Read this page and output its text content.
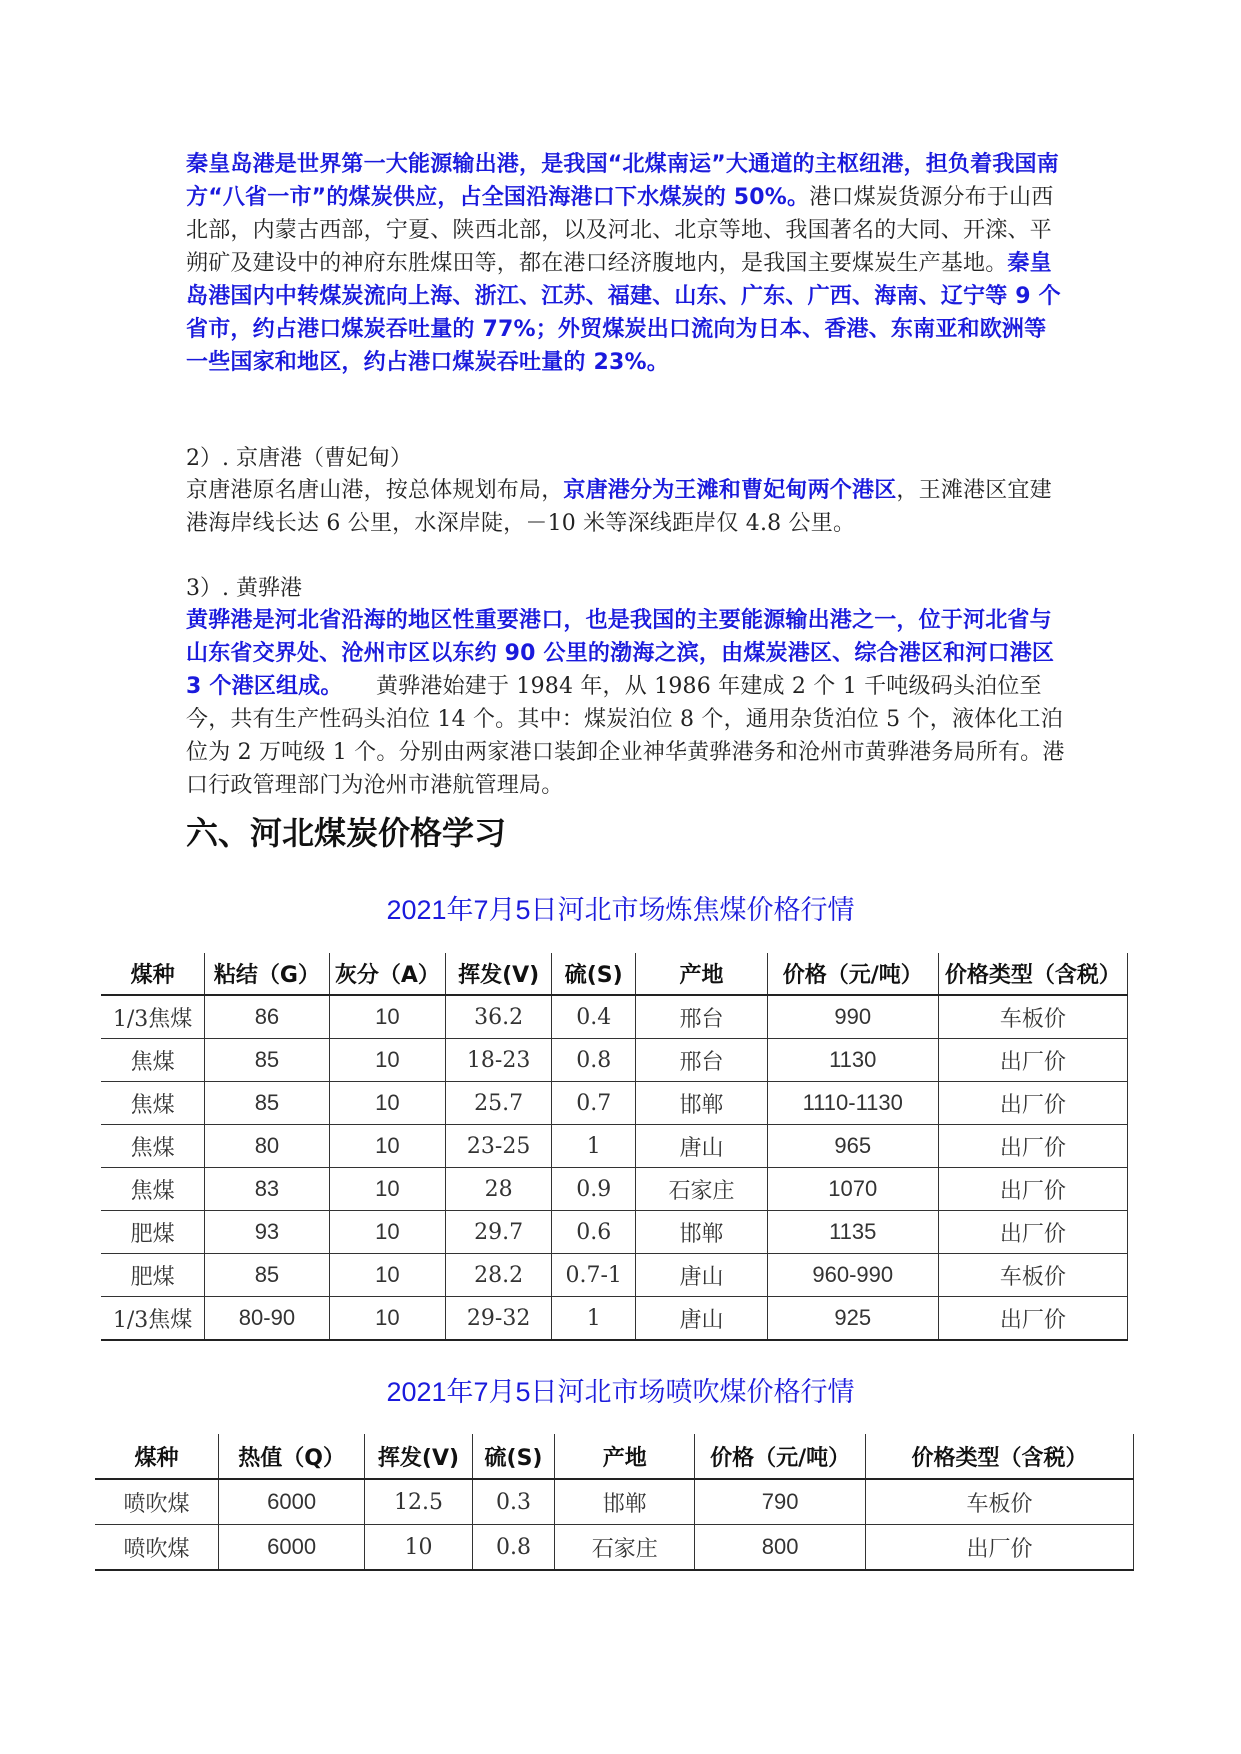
秦皇岛港是世界第一大能源输出港，是我国“北煤南运”大通道的主枢纽港，担负着我国南方“八省一市”的煤炭供应，占全国沿海港口下水煤炭的 50%。港口煤炭货源分布于山西北部，内蒙古西部，宁夏、陕西北部，以及河北、北京等地、我国著名的大同、开滦、平朔矿及建设中的神府东胜煤田等，都在港口经济腹地内，是我国主要煤炭生产基地。秦皇岛港国内中转煤炭流向上海、浙江、江苏、福建、山东、广东、广西、海南、辽宁等 9 个省市，约占港口煤炭吞吐量的 77%；外贸煤炭出口流向为日本、香港、东南亚和欧洲等一些国家和地区，约占港口煤炭吞吐量的 23%。

2）. 京唐港（曹妃甸）

京唐港原名唐山港，按总体规划布局，京唐港分为王滩和曹妃甸两个港区，王滩港区宜建港海岸线长达 6 公里，水深岸陡，－10 米等深线距岸仅 4.8 公里。

3）. 黄骅港

黄骅港是河北省沿海的地区性重要港口，也是我国的主要能源输出港之一，位于河北省与山东省交界处、沧州市区以东约 90 公里的渤海之滨，由煤炭港区、综合港区和河口港区 3 个港区组成。　　黄骅港始建于 1984 年，从 1986 年建成 2 个 1 千吨级码头泊位至今，共有生产性码头泊位 14 个。其中：煤炭泊位 8 个，通用杂货泊位 5 个，液体化工泊位为 2 万吨级 1 个。分别由两家港口装卸企业神华黄骅港务和沧州市黄骅港务局所有。港口行政管理部门为沧州市港航管理局。

六、河北煤炭价格学习

2021年7月5日河北市场炼焦煤价格行情

煤种	粘结（G）	灰分（A）	挥发(V)	硫(S)	产地	价格（元/吨）	价格类型（含税）
1/3焦煤	86	10	36.2	0.4	邢台	990	车板价
焦煤	85	10	18-23	0.8	邢台	1130	出厂价
焦煤	85	10	25.7	0.7	邯郸	1110-1130	出厂价
焦煤	80	10	23-25	1	唐山	965	出厂价
焦煤	83	10	28	0.9	石家庄	1070	出厂价
肥煤	93	10	29.7	0.6	邯郸	1135	出厂价
肥煤	85	10	28.2	0.7-1	唐山	960-990	车板价
1/3焦煤	80-90	10	29-32	1	唐山	925	出厂价

2021年7月5日河北市场喷吹煤价格行情

煤种	热值（Q）	挥发(V)	硫(S)	产地	价格（元/吨）	价格类型（含税）
喷吹煤	6000	12.5	0.3	邯郸	790	车板价
喷吹煤	6000	10	0.8	石家庄	800	出厂价
